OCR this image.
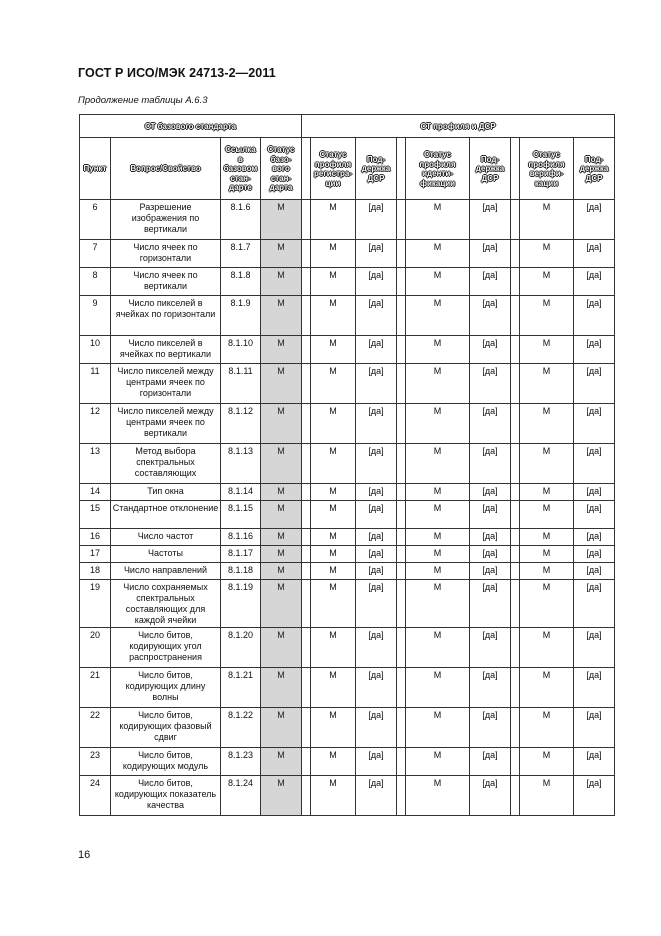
ГОСТ Р ИСО/МЭК 24713-2—2011
Продолжение таблицы А.6.3
СТ базового стандарта				СТ профиля и ДСР								
Пункт	Вопрос/Свойство	Ссылка в базовом стан-дарте	Статус базо-вого стан-дарта		Статус профиля регистра-ции	Под-держка ДСР		Статус профиля иденти-фикации	Под-держка ДСР		Статус профиля верифи-кации	Под-держка ДСР
6	Разрешение изображения по вертикали	8.1.6	M		M	[да]		M	[да]		M	[да]
7	Число ячеек по горизонтали	8.1.7	M		M	[да]		M	[да]		M	[да]
8	Число ячеек по вертикали	8.1.8	M		M	[да]		M	[да]		M	[да]
9	Число пикселей в ячейках по горизонтали	8.1.9	M		M	[да]		M	[да]		M	[да]
10	Число пикселей в ячейках по вертикали	8.1.10	M		M	[да]		M	[да]		M	[да]
11	Число пикселей между центрами ячеек по горизонтали	8.1.11	M		M	[да]		M	[да]		M	[да]
12	Число пикселей между центрами ячеек по вертикали	8.1.12	M		M	[да]		M	[да]		M	[да]
13	Метод выбора спектральных составляющих	8.1.13	M		M	[да]		M	[да]		M	[да]
14	Тип окна	8.1.14	M		M	[да]		M	[да]		M	[да]
15	Стандартное отклонение	8.1.15	M		M	[да]		M	[да]		M	[да]
16	Число частот	8.1.16	M		M	[да]		M	[да]		M	[да]
17	Частоты	8.1.17	M		M	[да]		M	[да]		M	[да]
18	Число направлений	8.1.18	M		M	[да]		M	[да]		M	[да]
19	Число сохраняемых спектральных составляющих для каждой ячейки	8.1.19	M		M	[да]		M	[да]		M	[да]
20	Число битов, кодирующих угол распространения	8.1.20	M		M	[да]		M	[да]		M	[да]
21	Число битов, кодирующих длину волны	8.1.21	M		M	[да]		M	[да]		M	[да]
22	Число битов, кодирующих фазовый сдвиг	8.1.22	M		M	[да]		M	[да]		M	[да]
23	Число битов, кодирующих модуль	8.1.23	M		M	[да]		M	[да]		M	[да]
24	Число битов, кодирующих показатель качества	8.1.24	M		M	[да]		M	[да]		M	[да]
16
